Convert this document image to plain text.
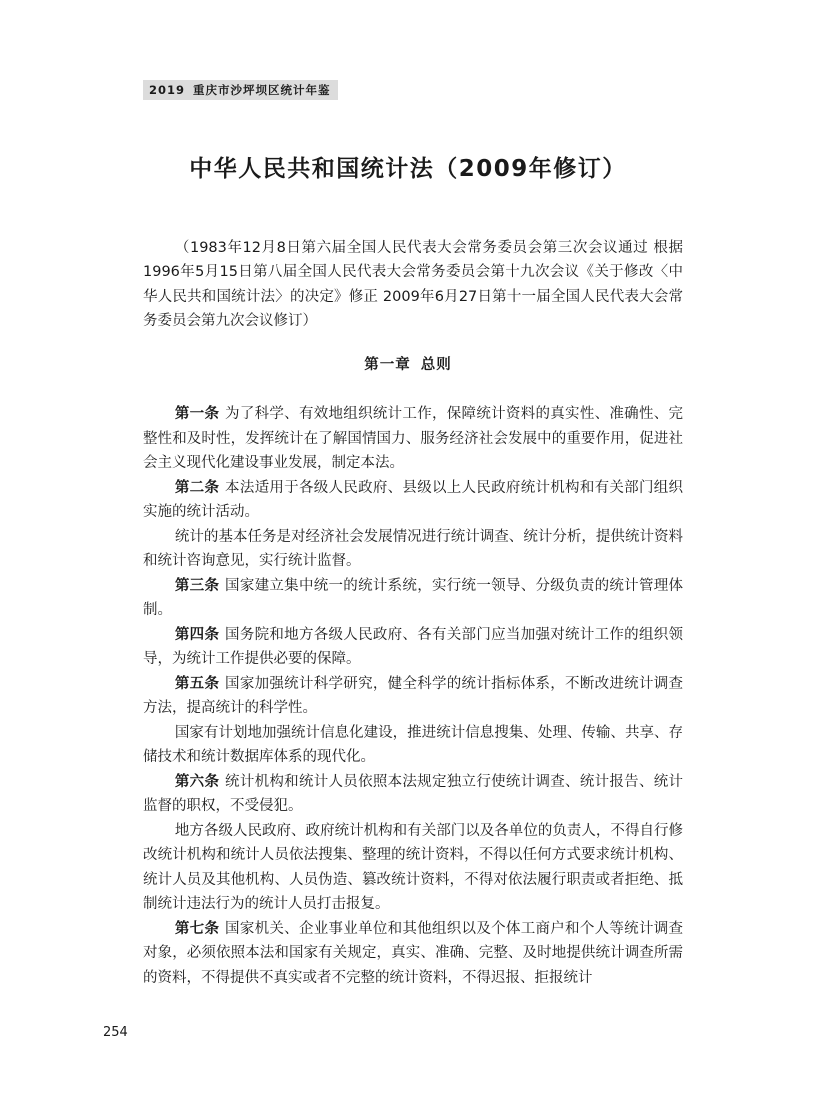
2019 重庆市沙坪坝区统计年鉴
中华人民共和国统计法（2009年修订）

（1983年12月8日第六届全国人民代表大会常务委员会第三次会议通过 根据1996年5月15日第八届全国人民代表大会常务委员会第十九次会议《关于修改〈中华人民共和国统计法〉的决定》修正 2009年6月27日第十一届全国人民代表大会常务委员会第九次会议修订）

第一章 总则

第一条 为了科学、有效地组织统计工作，保障统计资料的真实性、准确性、完整性和及时性，发挥统计在了解国情国力、服务经济社会发展中的重要作用，促进社会主义现代化建设事业发展，制定本法。

第二条 本法适用于各级人民政府、县级以上人民政府统计机构和有关部门组织实施的统计活动。

统计的基本任务是对经济社会发展情况进行统计调查、统计分析，提供统计资料和统计咨询意见，实行统计监督。

第三条 国家建立集中统一的统计系统，实行统一领导、分级负责的统计管理体制。

第四条 国务院和地方各级人民政府、各有关部门应当加强对统计工作的组织领导，为统计工作提供必要的保障。

第五条 国家加强统计科学研究，健全科学的统计指标体系，不断改进统计调查方法，提高统计的科学性。

国家有计划地加强统计信息化建设，推进统计信息搜集、处理、传输、共享、存储技术和统计数据库体系的现代化。

第六条 统计机构和统计人员依照本法规定独立行使统计调查、统计报告、统计监督的职权，不受侵犯。

地方各级人民政府、政府统计机构和有关部门以及各单位的负责人，不得自行修改统计机构和统计人员依法搜集、整理的统计资料，不得以任何方式要求统计机构、统计人员及其他机构、人员伪造、篡改统计资料，不得对依法履行职责或者拒绝、抵制统计违法行为的统计人员打击报复。

第七条 国家机关、企业事业单位和其他组织以及个体工商户和个人等统计调查对象，必须依照本法和国家有关规定，真实、准确、完整、及时地提供统计调查所需的资料，不得提供不真实或者不完整的统计资料，不得迟报、拒报统计

254
